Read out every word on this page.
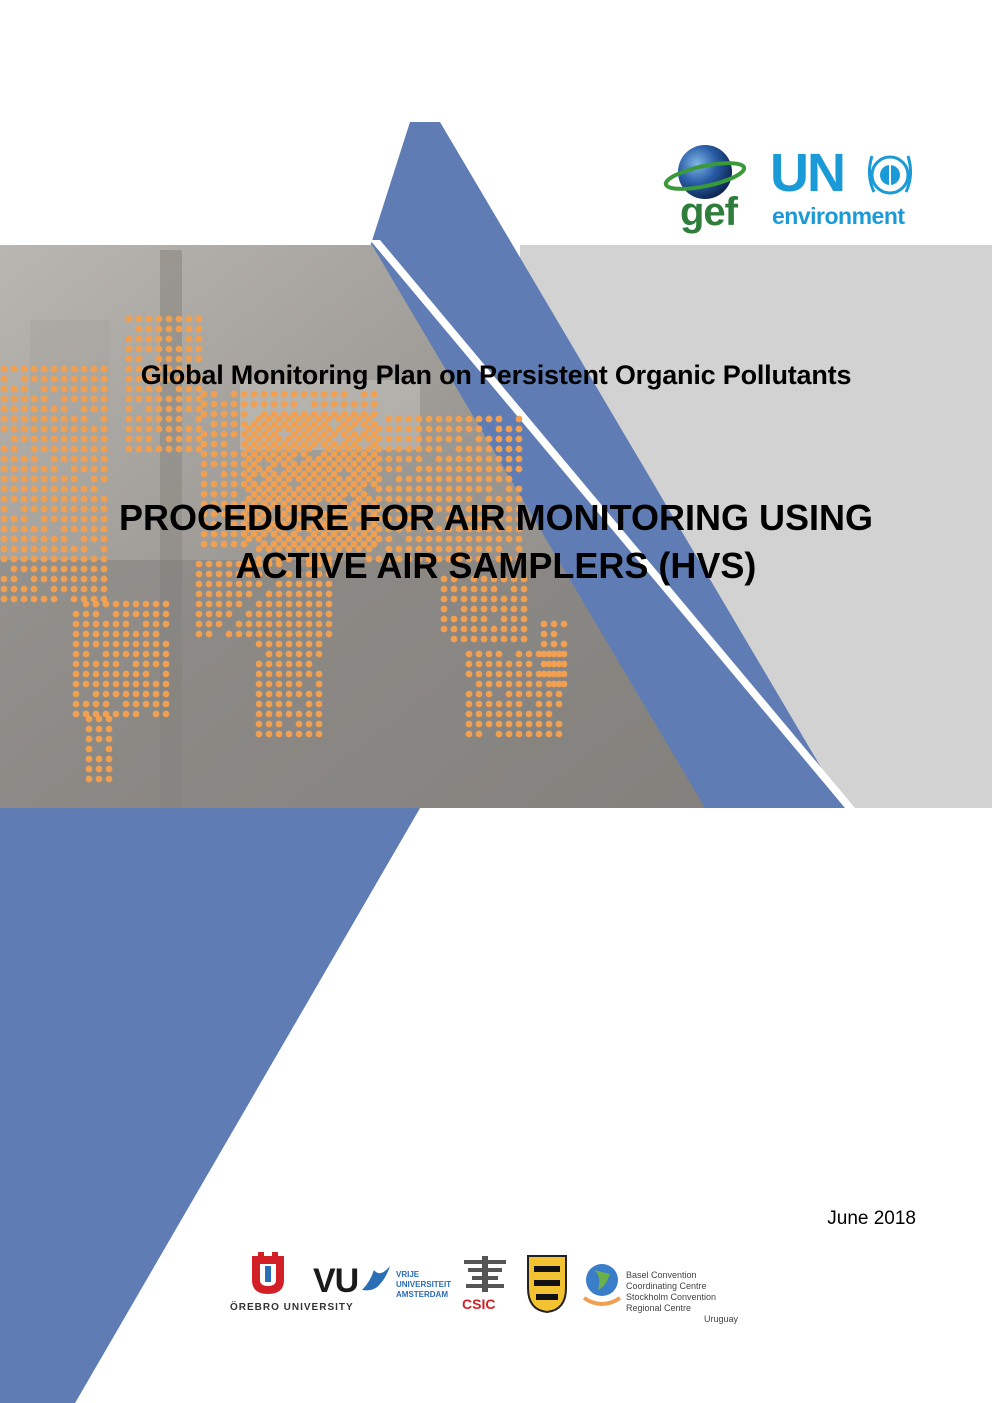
gef
UN
environment
Global Monitoring Plan on Persistent Organic Pollutants
PROCEDURE FOR AIR MONITORING USING
ACTIVE AIR SAMPLERS (HVS)
June 2018
ÖREBRO UNIVERSITY
VU	VRIJE
UNIVERSITEIT
AMSTERDAM
CSIC
Basel Convention Coordinating Centre
Stockholm Convention Regional Centre
Uruguay
